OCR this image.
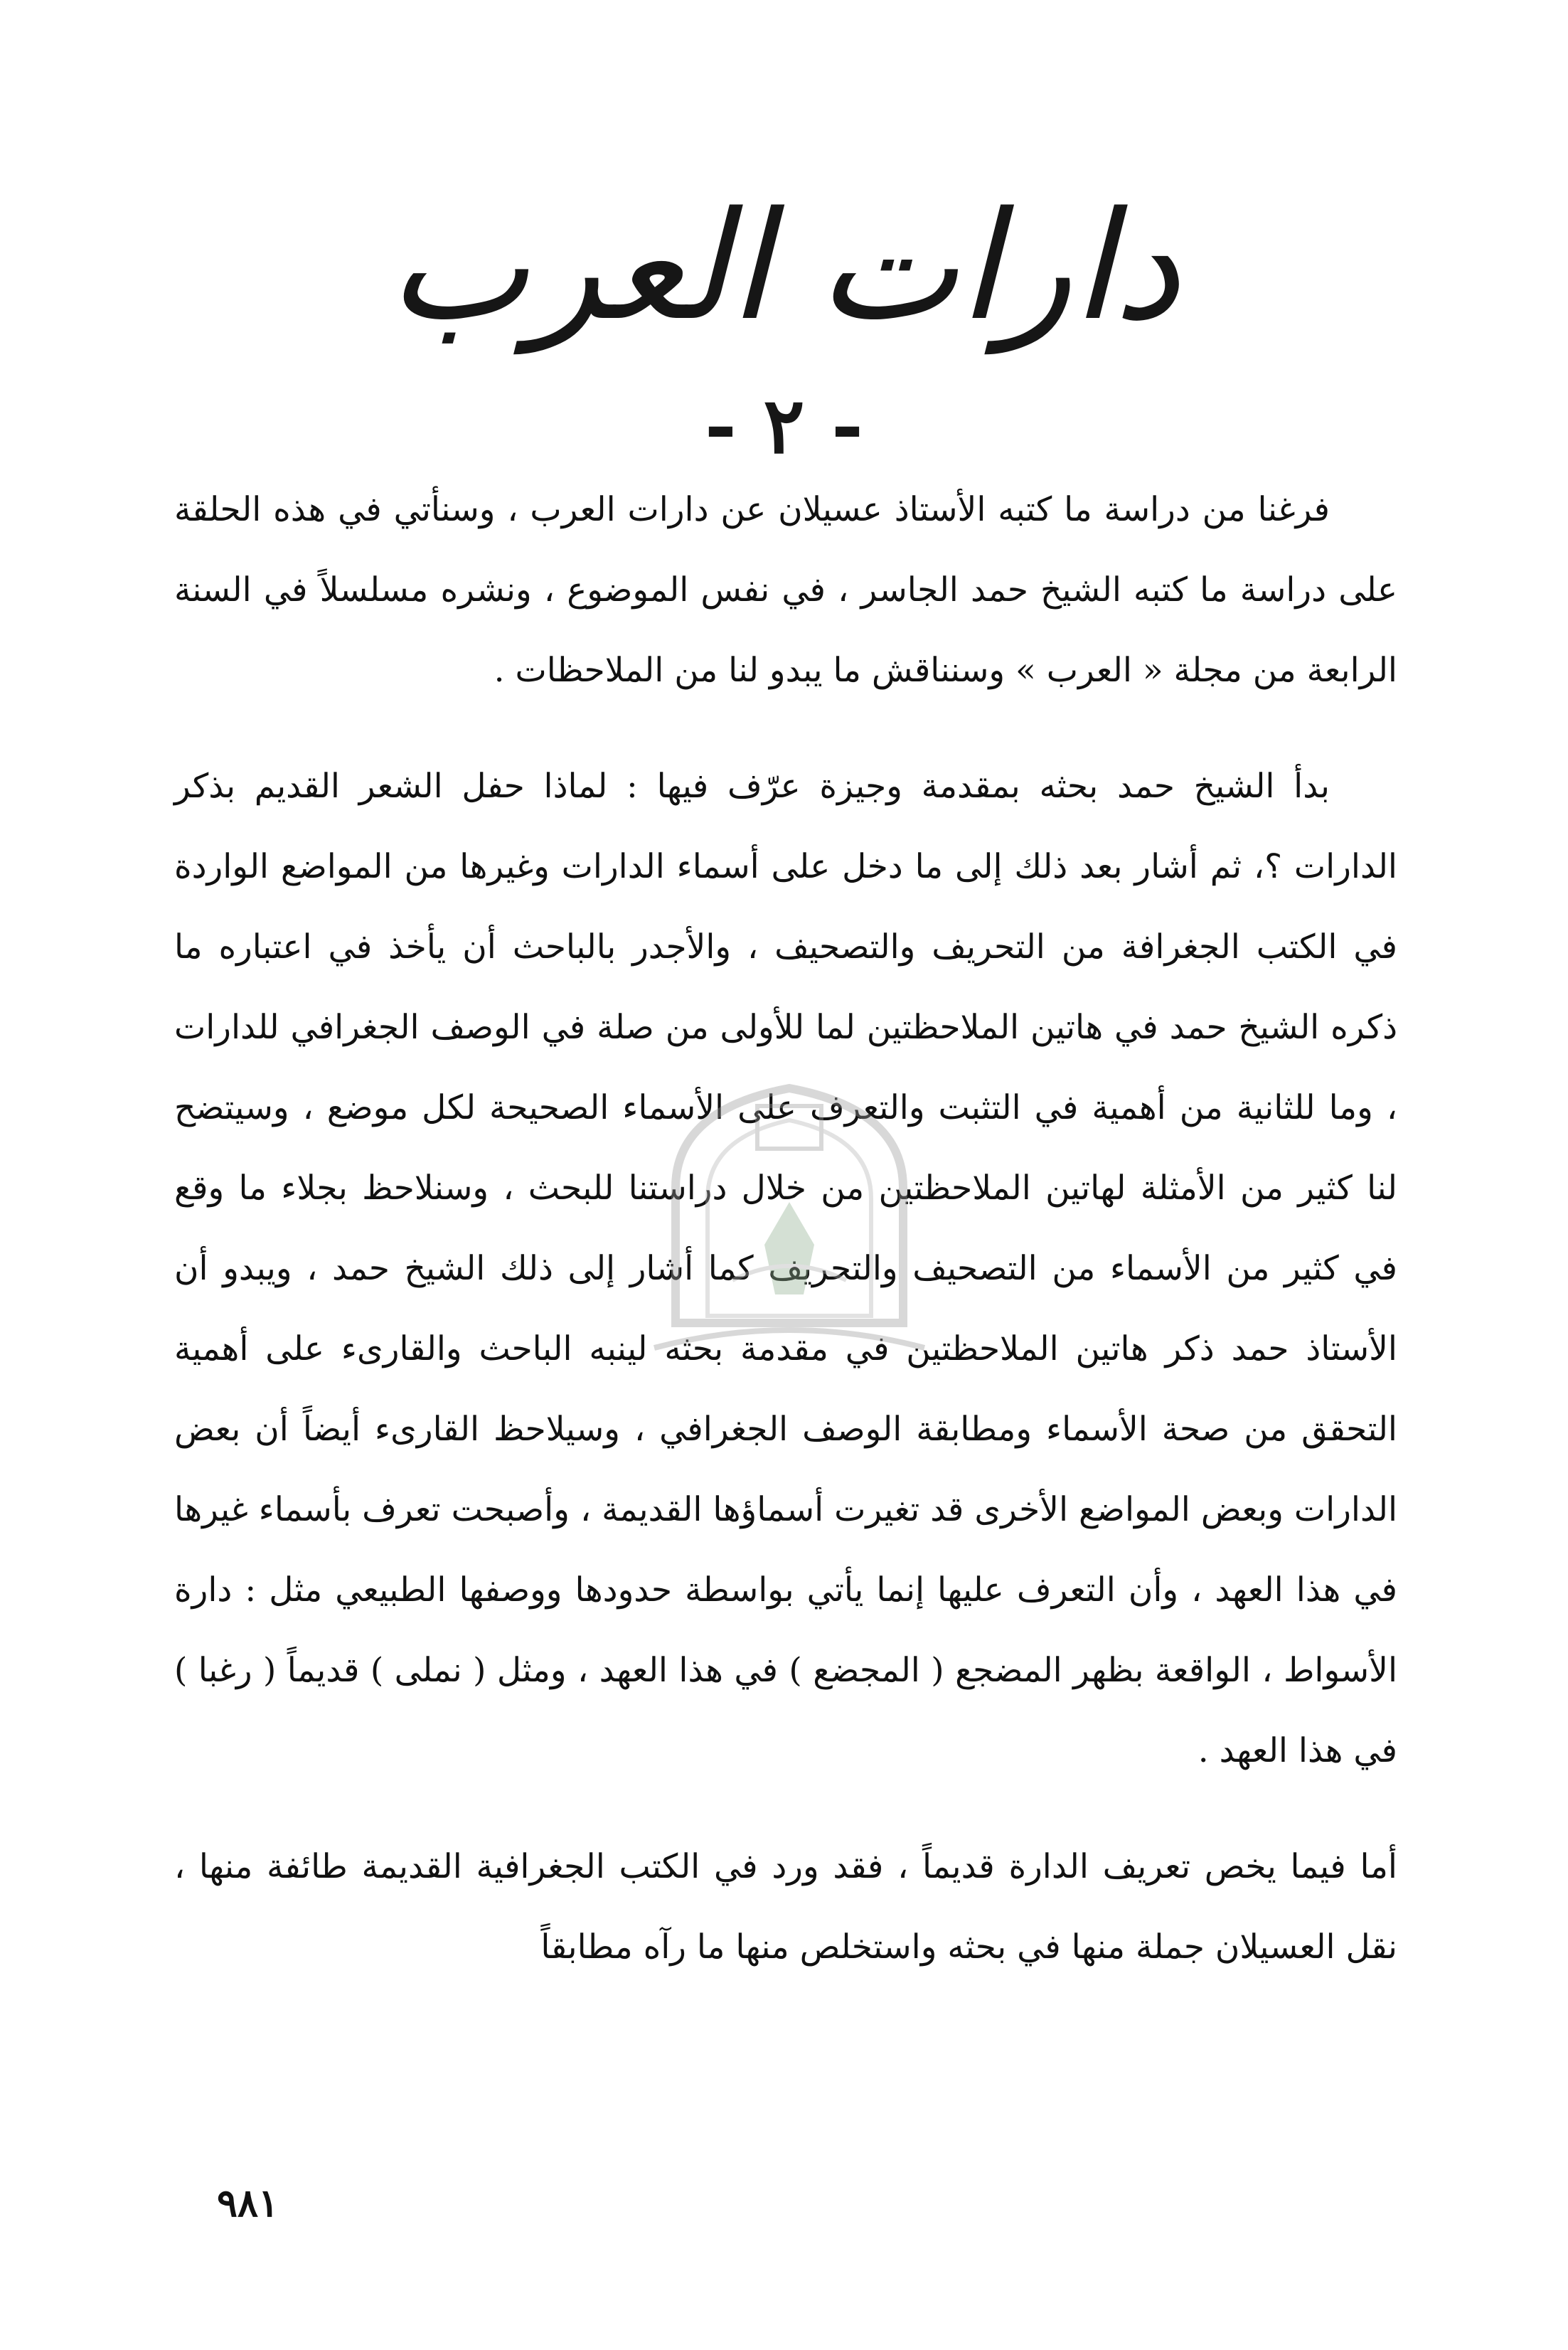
دارات العرب
- ٢ -

فرغنا من دراسة ما كتبه الأستاذ عسيلان عن دارات العرب ، وسنأتي في هذه الحلقة على دراسة ما كتبه الشيخ حمد الجاسر ، في نفس الموضوع ، ونشره مسلسلاً في السنة الرابعة من مجلة « العرب » وسنناقش ما يبدو لنا من الملاحظات .

بدأ الشيخ حمد بحثه بمقدمة وجيزة عرّف فيها : لماذا حفل الشعر القديم بذكر الدارات ؟، ثم أشار بعد ذلك إلى ما دخل على أسماء الدارات وغيرها من المواضع الواردة في الكتب الجغرافة من التحريف والتصحيف ، والأجدر بالباحث أن يأخذ في اعتباره ما ذكره الشيخ حمد في هاتين الملاحظتين لما للأولى من صلة في الوصف الجغرافي للدارات ، وما للثانية من أهمية في التثبت والتعرف على الأسماء الصحيحة لكل موضع ، وسيتضح لنا كثير من الأمثلة لهاتين الملاحظتين من خلال دراستنا للبحث ، وسنلاحظ بجلاء ما وقع في كثير من الأسماء من التصحيف والتحريف كما أشار إلى ذلك الشيخ حمد ، ويبدو أن الأستاذ حمد ذكر هاتين الملاحظتين في مقدمة بحثه لينبه الباحث والقارىء على أهمية التحقق من صحة الأسماء ومطابقة الوصف الجغرافي ، وسيلاحظ القارىء أيضاً أن بعض الدارات وبعض المواضع الأخرى قد تغيرت أسماؤها القديمة ، وأصبحت تعرف بأسماء غيرها في هذا العهد ، وأن التعرف عليها إنما يأتي بواسطة حدودها ووصفها الطبيعي مثل : دارة الأسواط ، الواقعة بظهر المضجع ( المجضع ) في هذا العهد ، ومثل ( نملى ) قديماً ( رغبا ) في هذا العهد .

أما فيما يخص تعريف الدارة قديماً ، فقد ورد في الكتب الجغرافية القديمة طائفة منها ، نقل العسيلان جملة منها في بحثه واستخلص منها ما رآه مطابقاً

٩٨١
